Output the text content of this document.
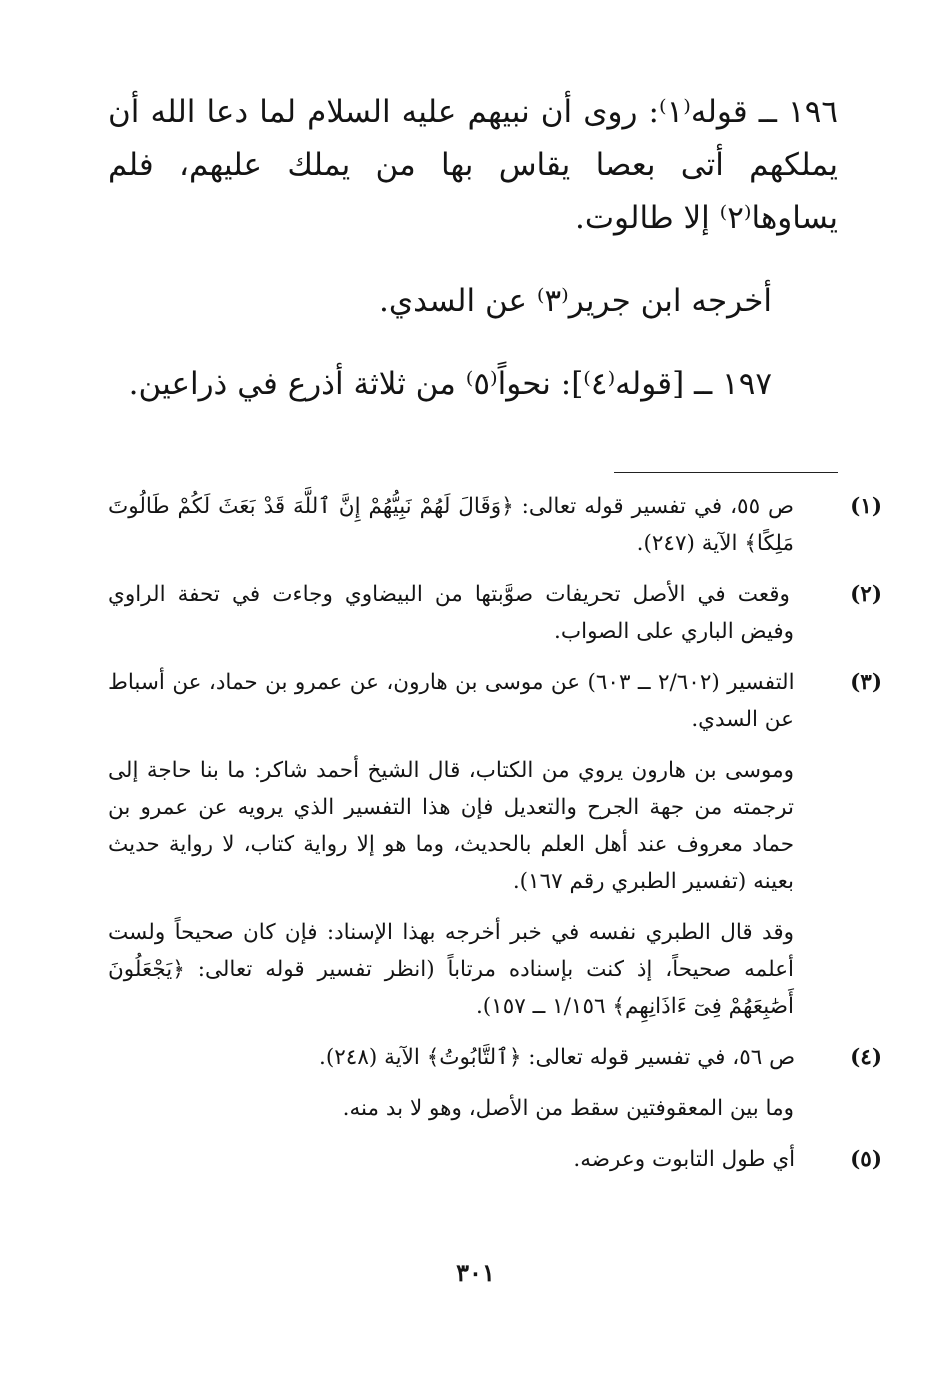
١٩٦ ــ قوله⁽١⁾: روى أن نبيهم عليه السلام لما دعا الله أن يملكهم أتى بعصا يقاس بها من يملك عليهم، فلم يساوها⁽٢⁾ إلا طالوت.

أخرجه ابن جرير⁽٣⁾ عن السدي.

١٩٧ ــ [قوله⁽٤⁾]: نحواً⁽٥⁾ من ثلاثة أذرع في ذراعين.

(١) ص ٥٥، في تفسير قوله تعالى: ﴿وَقَالَ لَهُمْ نَبِيُّهُمْ إِنَّ ٱللَّهَ قَدْ بَعَثَ لَكُمْ طَالُوتَ مَلِكًا﴾ الآية (٢٤٧).

(٢) وقعت في الأصل تحريفات صوَّبتها من البيضاوي وجاءت في تحفة الراوي وفيض الباري على الصواب.

(٣) التفسير (٢/٦٠٢ ــ ٦٠٣) عن موسى بن هارون، عن عمرو بن حماد، عن أسباط عن السدي.

وموسى بن هارون يروي من الكتاب، قال الشيخ أحمد شاكر: ما بنا حاجة إلى ترجمته من جهة الجرح والتعديل فإن هذا التفسير الذي يرويه عن عمرو بن حماد معروف عند أهل العلم بالحديث، وما هو إلا رواية كتاب، لا رواية حديث بعينه (تفسير الطبري رقم ١٦٧).

وقد قال الطبري نفسه في خبر أخرجه بهذا الإسناد: فإن كان صحيحاً ولست أعلمه صحيحاً، إذ كنت بإسناده مرتاباً (انظر تفسير قوله تعالى: ﴿يَجْعَلُونَ أَصَٰبِعَهُمْ فِىٓ ءَاذَانِهِم﴾ ١/١٥٦ ــ ١٥٧).

(٤) ص ٥٦، في تفسير قوله تعالى: ﴿ٱلتَّابُوتُ﴾ الآية (٢٤٨).

وما بين المعقوفتين سقط من الأصل، وهو لا بد منه.

(٥) أي طول التابوت وعرضه.

٣٠١
